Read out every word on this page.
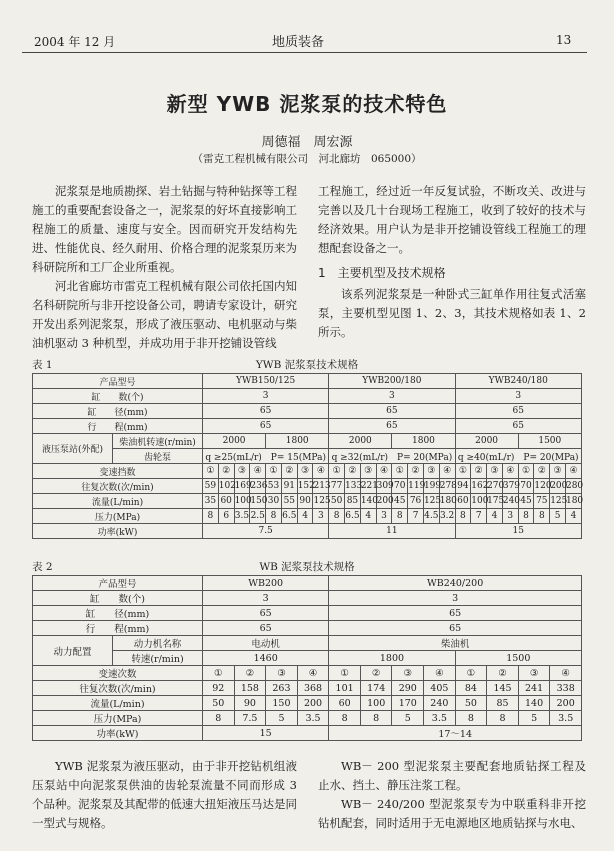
2004 年 12 月	地质装备	13
新型 YWB 泥浆泵的技术特色
周德福　周宏源
（雷克工程机械有限公司　河北廊坊　065000）

泥浆泵是地质勘探、岩土钻掘与特种钻探等工程施工的重要配套设备之一，泥浆泵的好坏直接影响工程施工的质量、速度与安全。因而研究开发结构先进、性能优良、经久耐用、价格合理的泥浆泵历来为科研院所和工厂企业所重视。

河北省廊坊市雷克工程机械有限公司依托国内知名科研院所与非开挖设备公司，聘请专家设计，研究开发出系列泥浆泵，形成了液压驱动、电机驱动与柴油机驱动 3 种机型，并成功用于非开挖铺设管线

工程施工，经过近一年反复试验，不断攻关、改进与完善以及几十台现场工程施工，收到了较好的技术与经济效果。用户认为是非开挖铺设管线工程施工的理想配套设备之一。

1　主要机型及技术规格

该系列泥浆泵是一种卧式三缸单作用往复式活塞泵，主要机型见图 1、2、3，其技术规格如表 1、2 所示。

表 1	YWB 泥浆泵技术规格
产品型号		YWB150/125								YWB200/180								YWB240/180							
缸　　数(个)		3								3								3							
缸　　径(mm)		65								65								65							
行　　程(mm)		65								65								65							
液压泵站(外配)	柴油机转速(r/min)	2000				1800				2000				1800				2000				1500			
	齿轮泵	q ≥25(mL/r)　P= 15(MPa)								q ≥32(mL/r)　P= 20(MPa)								q ≥40(mL/r)　P= 20(MPa)							
变速挡数		①	②	③	④	①	②	③	④	①	②	③	④	①	②	③	④	①	②	③	④	①	②	③	④
往复次数(次/min)		59	102	169	236	53	91	152	213	77	133	221	309	70	119	199	278	94	162	270	379	70	120	200	280
流量(L/min)		35	60	100	150	30	55	90	125	50	85	140	200	45	76	125	180	60	100	175	240	45	75	125	180
压力(MPa)		8	6	3.5	2.5	8	6.5	4	3	8	6.5	4	3	8	7	4.5	3.2	8	7	4	3	8	8	5	4
功率(kW)		7.5								11								15							
表 2	WB 泥浆泵技术规格
产品型号		WB200				WB240/200							
缸　　数(个)		3				3							
缸　　径(mm)		65				65							
行　　程(mm)		65				65							
动力配置	动力机名称	电动机				柴油机							
	转速(r/min)	1460				1800				1500			
变速次数		①	②	③	④	①	②	③	④	①	②	③	④
往复次数(次/min)		92	158	263	368	101	174	290	405	84	145	241	338
流量(L/min)		50	90	150	200	60	100	170	240	50	85	140	200
压力(MPa)		8	7.5	5	3.5	8	8	5	3.5	8	8	5	3.5
功率(kW)		15				17～14							

YWB 泥浆泵为液压驱动，由于非开挖钻机组液压泵站中向泥浆泵供油的齿轮泵流量不同而形成 3 个品种。泥浆泵及其配带的低速大扭矩液压马达是同一型式与规格。

WB－ 200 型泥浆泵主要配套地质钻探工程及止水、挡土、静压注浆工程。

WB－ 240/200 型泥浆泵专为中联重科非开挖钻机配套，同时适用于无电源地区地质钻探与水电、
